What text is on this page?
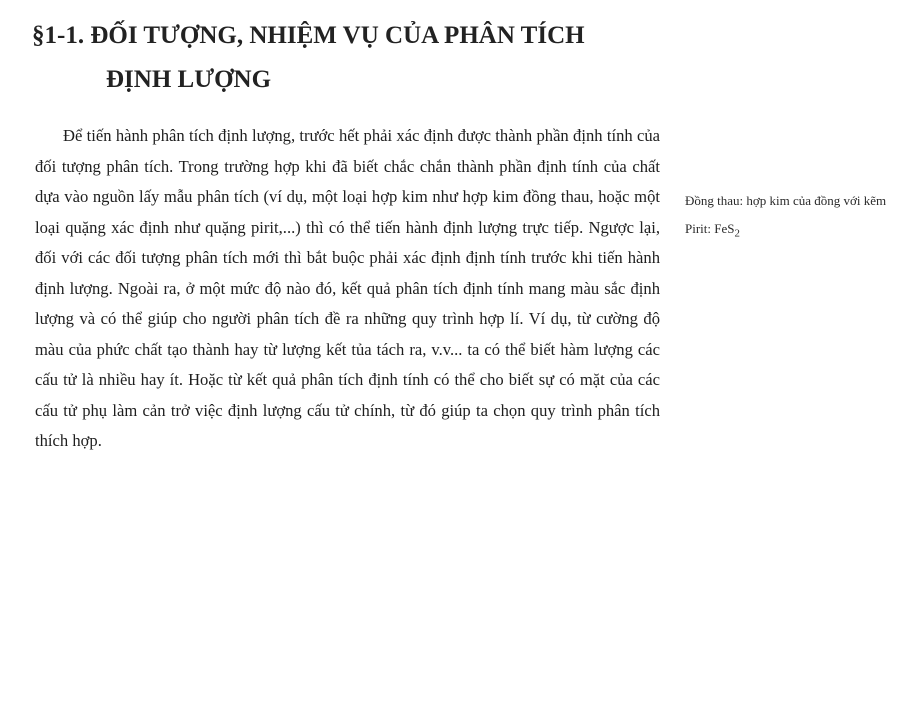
§1-1. ĐỐI TƯỢNG, NHIỆM VỤ CỦA PHÂN TÍCH
ĐỊNH LƯỢNG

Để tiến hành phân tích định lượng, trước hết phải xác định được thành phần định tính của đối tượng phân tích. Trong trường hợp khi đã biết chắc chắn thành phần định tính của chất dựa vào nguồn lấy mẫu phân tích (ví dụ, một loại hợp kim như hợp kim đồng thau, hoặc một loại quặng xác định như quặng pirit,...) thì có thể tiến hành định lượng trực tiếp. Ngược lại, đối với các đối tượng phân tích mới thì bắt buộc phải xác định định tính trước khi tiến hành định lượng. Ngoài ra, ở một mức độ nào đó, kết quả phân tích định tính mang màu sắc định lượng và có thể giúp cho người phân tích đề ra những quy trình hợp lí. Ví dụ, từ cường độ màu của phức chất tạo thành hay từ lượng kết tủa tách ra, v.v... ta có thể biết hàm lượng các cấu tử là nhiều hay ít. Hoặc từ kết quả phân tích định tính có thể cho biết sự có mặt của các cấu tử phụ làm cản trở việc định lượng cấu tử chính, từ đó giúp ta chọn quy trình phân tích thích hợp.

Đồng thau: hợp kim của đồng với kẽm

Pirit: FeS$_2$
